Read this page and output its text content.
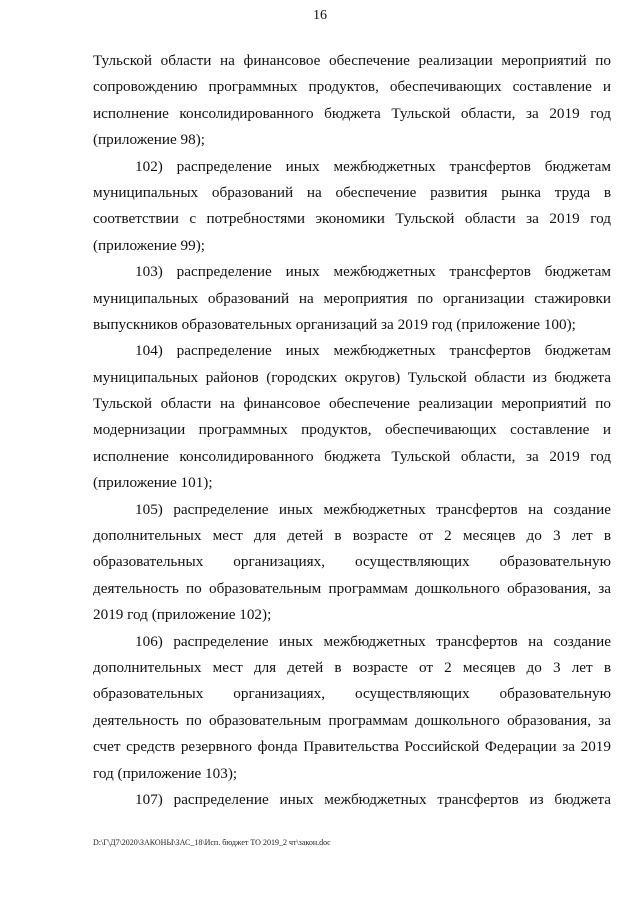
16
Тульской области на финансовое обеспечение реализации мероприятий по
сопровождению программных продуктов, обеспечивающих составление и
исполнение консолидированного бюджета Тульской области, за 2019 год
(приложение 98);
102) распределение иных межбюджетных трансфертов бюджетам
муниципальных образований на обеспечение развития рынка труда в
соответствии с потребностями экономики Тульской области за 2019 год
(приложение 99);
103) распределение иных межбюджетных трансфертов бюджетам
муниципальных образований на мероприятия по организации стажировки
выпускников образовательных организаций за 2019 год (приложение 100);
104) распределение иных межбюджетных трансфертов бюджетам
муниципальных районов (городских округов) Тульской области из бюджета
Тульской области на финансовое обеспечение реализации мероприятий по
модернизации программных продуктов, обеспечивающих составление и
исполнение консолидированного бюджета Тульской области, за 2019 год
(приложение 101);
105) распределение иных межбюджетных трансфертов на создание
дополнительных мест для детей в возрасте от 2 месяцев до 3 лет в
образовательных организациях, осуществляющих образовательную
деятельность по образовательным программам дошкольного образования, за
2019 год (приложение 102);
106) распределение иных межбюджетных трансфертов на создание
дополнительных мест для детей в возрасте от 2 месяцев до 3 лет в
образовательных организациях, осуществляющих образовательную
деятельность по образовательным программам дошкольного образования, за
счет средств резервного фонда Правительства Российской Федерации за 2019
год (приложение 103);
107) распределение иных межбюджетных трансфертов из бюджета
D:\Г\Д7\2020\ЗАКОНЫ\ЗАС_18\Исп. бюджет ТО 2019_2 чт\закон.doc
